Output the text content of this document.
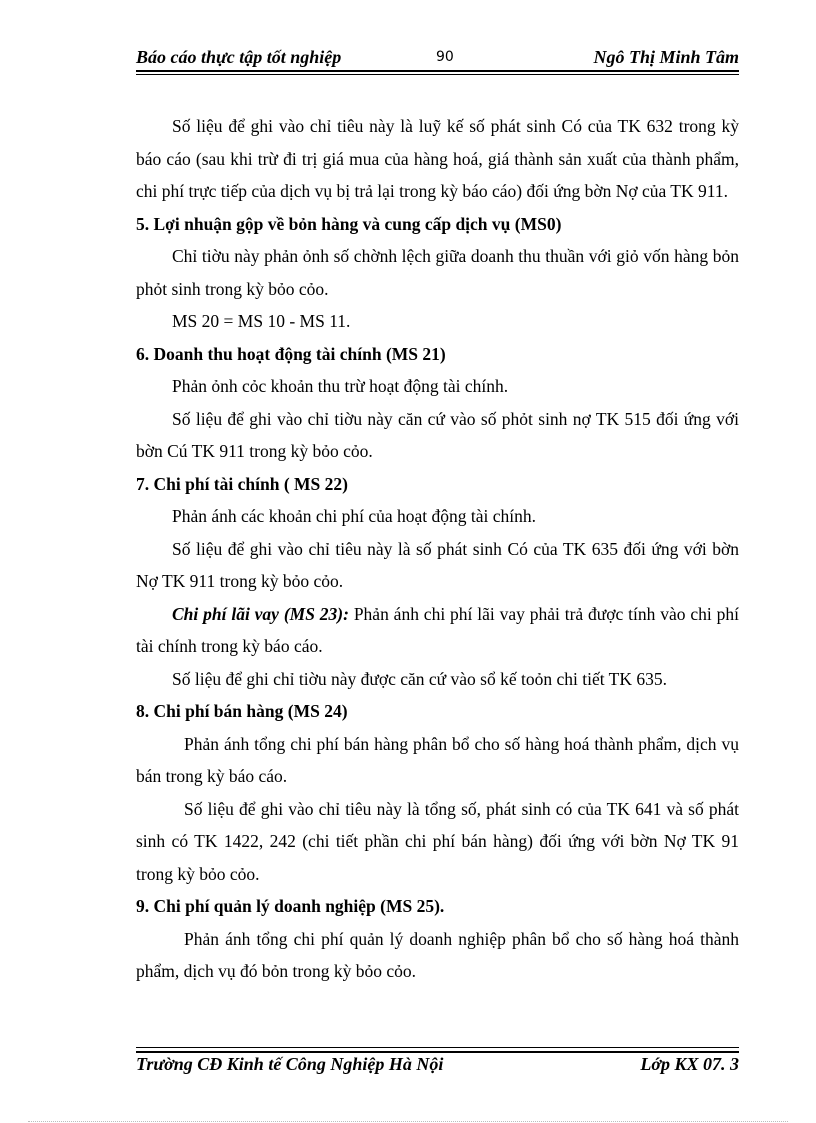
Báo cáo thực tập tốt nghiệp	90	Ngô Thị Minh Tâm

Số liệu để ghi vào chỉ tiêu này là luỹ kế số phát sinh Có của TK 632 trong kỳ báo cáo (sau khi trừ đi trị giá mua của hàng hoá, giá thành sản xuất của thành phẩm, chi phí trực tiếp của dịch vụ bị trả lại trong kỳ báo cáo) đối ứng bờn Nợ của TK 911.

5. Lợi nhuận gộp về bỏn hàng và cung cấp dịch vụ (MS0)

Chỉ tiờu này phản ỏnh số chờnh lệch giữa doanh thu thuần với giỏ vốn hàng bỏn phỏt sinh trong kỳ bỏo cỏo.

MS 20 = MS 10 - MS 11.

6. Doanh thu hoạt động tài chính (MS 21)

Phản ỏnh cỏc khoản thu trừ hoạt động tài chính.

Số liệu để ghi vào chỉ tiờu này căn cứ vào số phỏt sinh nợ TK 515 đối ứng với bờn Cú TK 911 trong kỳ bỏo cỏo.

7. Chi phí tài chính ( MS 22)

Phản ánh các khoản chi phí của hoạt động tài chính.

Số liệu để ghi vào chỉ tiêu này là số phát sinh Có của TK 635 đối ứng với bờn Nợ TK 911 trong kỳ bỏo cỏo.

Chi phí lãi vay (MS 23): Phản ánh chi phí lãi vay phải trả được tính vào chi phí tài chính trong kỳ báo cáo.

Số liệu để ghi chỉ tiờu này được căn cứ vào sổ kế toỏn chi tiết TK 635.

8. Chi phí bán hàng (MS 24)

Phản ánh tổng chi phí bán hàng phân bổ cho số hàng hoá thành phẩm, dịch vụ bán trong kỳ báo cáo.

Số liệu để ghi vào chỉ tiêu này là tổng số, phát sinh có của TK 641 và số phát sinh có TK 1422, 242 (chi tiết phần chi phí bán hàng) đối ứng với bờn Nợ TK 91 trong kỳ bỏo cỏo.

9. Chi phí quản lý doanh nghiệp (MS 25).

Phản ánh tổng chi phí quản lý doanh nghiệp phân bổ cho số hàng hoá thành phẩm, dịch vụ đó bỏn trong kỳ bỏo cỏo.

Trường CĐ Kinh tế Công Nghiệp Hà Nội	Lớp KX 07. 3
